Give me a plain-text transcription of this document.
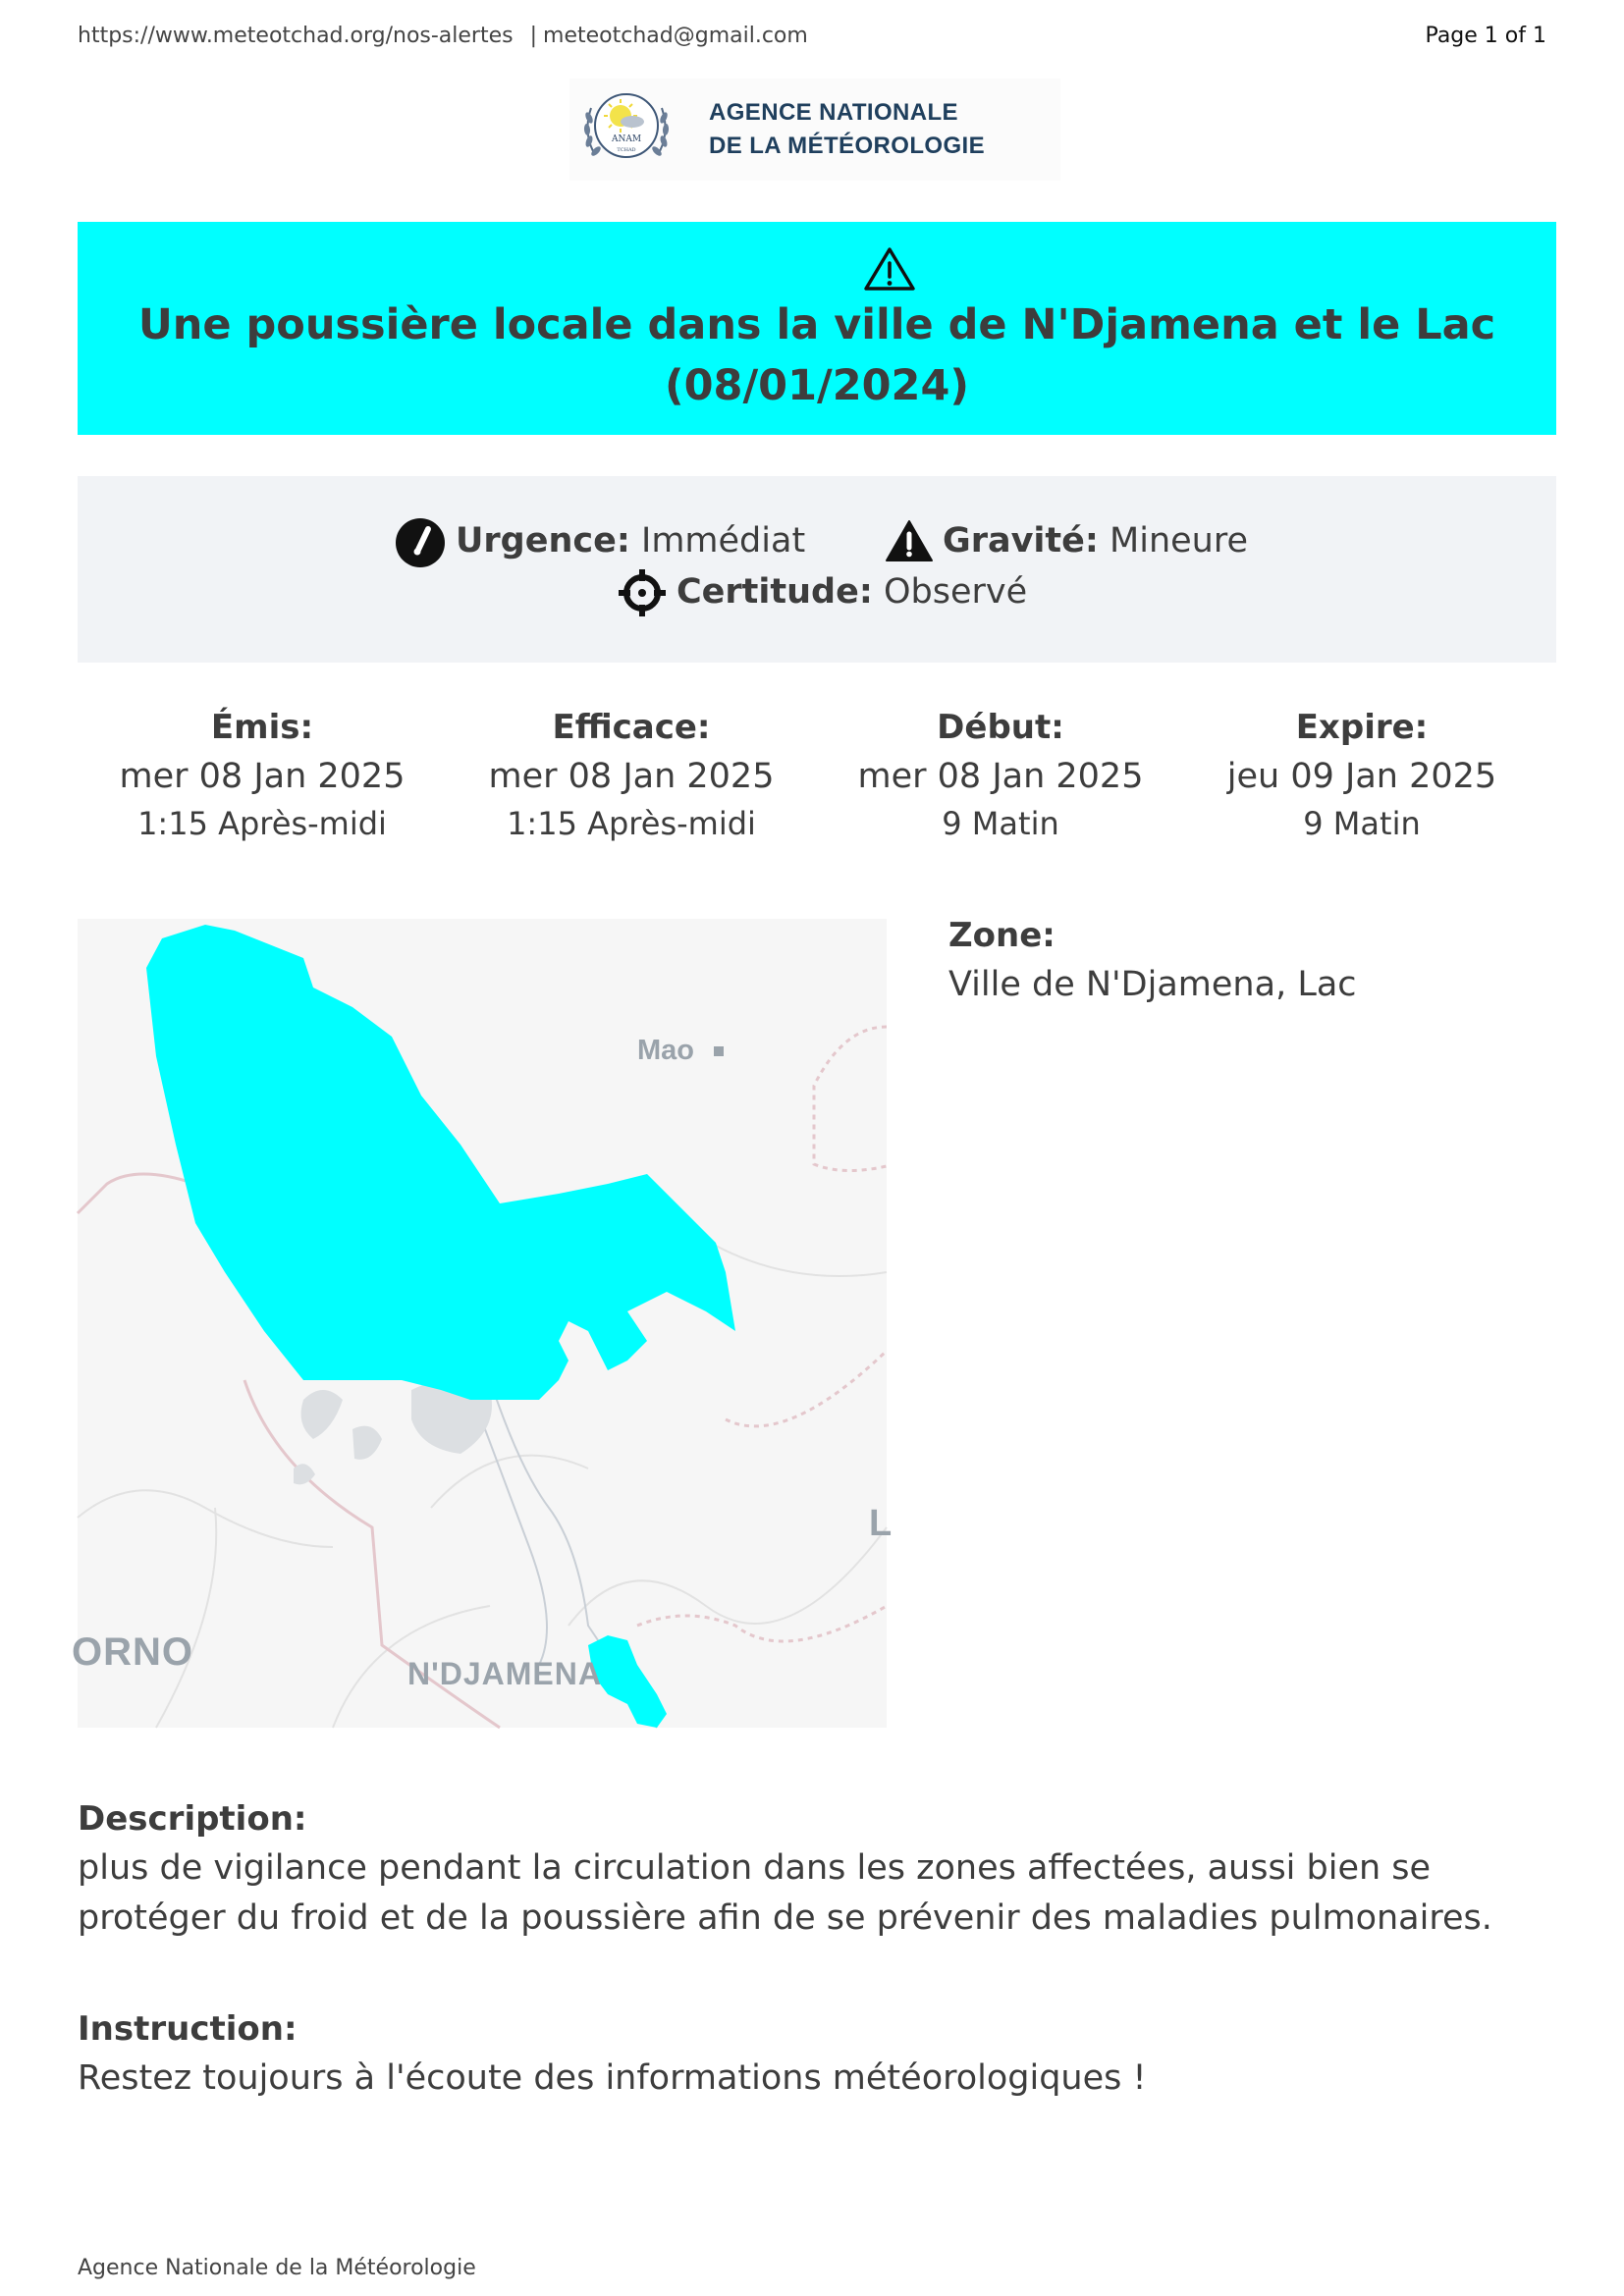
https://www.meteotchad.org/nos-alertes | meteotchad@gmail.com	Page 1 of 1
ANAM
TCHAD
AGENCE NATIONALE
DE LA MÉTÉOROLOGIE
Une poussière locale dans la ville de N'Djamena et le Lac (08/01/2024)
Urgence: Immédiat	Gravité: Mineure
Certitude: Observé
Émis:
mer 08 Jan 2025
1:15 Après-midi
Efficace:
mer 08 Jan 2025
1:15 Après-midi
Début:
mer 08 Jan 2025
9 Matin
Expire:
jeu 09 Jan 2025
9 Matin
Mao
N'DJAMENA
ORNO
L
Zone:
Ville de N'Djamena, Lac
Description:
plus de vigilance pendant la circulation dans les zones affectées, aussi bien se protéger du froid et de la poussière afin de se prévenir des maladies pulmonaires.
Instruction:
Restez toujours à l'écoute des informations météorologiques !
Agence Nationale de la Météorologie
